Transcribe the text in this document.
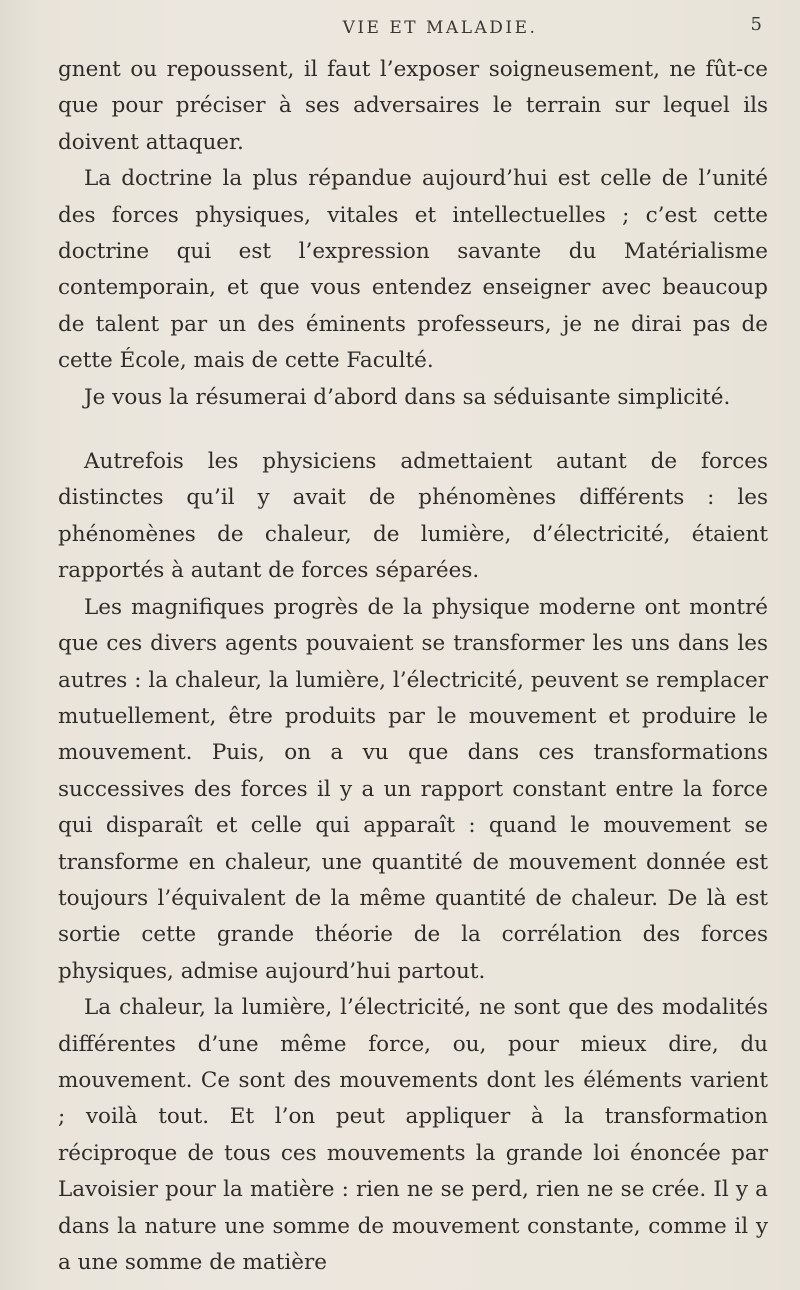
VIE ET MALADIE.	5

gnent ou repoussent, il faut l’exposer soigneusement, ne fût-ce que pour préciser à ses adversaires le terrain sur lequel ils doivent attaquer.

La doctrine la plus répandue aujourd’hui est celle de l’unité des forces physiques, vitales et intellectuelles ; c’est cette doctrine qui est l’expression savante du Matérialisme contemporain, et que vous entendez enseigner avec beaucoup de talent par un des éminents professeurs, je ne dirai pas de cette École, mais de cette Faculté.

Je vous la résumerai d’abord dans sa séduisante simplicité.

Autrefois les physiciens admettaient autant de forces distinctes qu’il y avait de phénomènes différents : les phénomènes de chaleur, de lumière, d’électricité, étaient rapportés à autant de forces séparées.

Les magnifiques progrès de la physique moderne ont montré que ces divers agents pouvaient se transformer les uns dans les autres : la chaleur, la lumière, l’électricité, peuvent se remplacer mutuellement, être produits par le mouvement et produire le mouvement. Puis, on a vu que dans ces transformations successives des forces il y a un rapport constant entre la force qui disparaît et celle qui apparaît : quand le mouvement se transforme en chaleur, une quantité de mouvement donnée est toujours l’équivalent de la même quantité de chaleur. De là est sortie cette grande théorie de la corrélation des forces physiques, admise aujourd’hui partout.

La chaleur, la lumière, l’électricité, ne sont que des modalités différentes d’une même force, ou, pour mieux dire, du mouvement. Ce sont des mouvements dont les éléments varient ; voilà tout. Et l’on peut appliquer à la transformation réciproque de tous ces mouvements la grande loi énoncée par Lavoisier pour la matière : rien ne se perd, rien ne se crée. Il y a dans la nature une somme de mouvement constante, comme il y a une somme de matière
